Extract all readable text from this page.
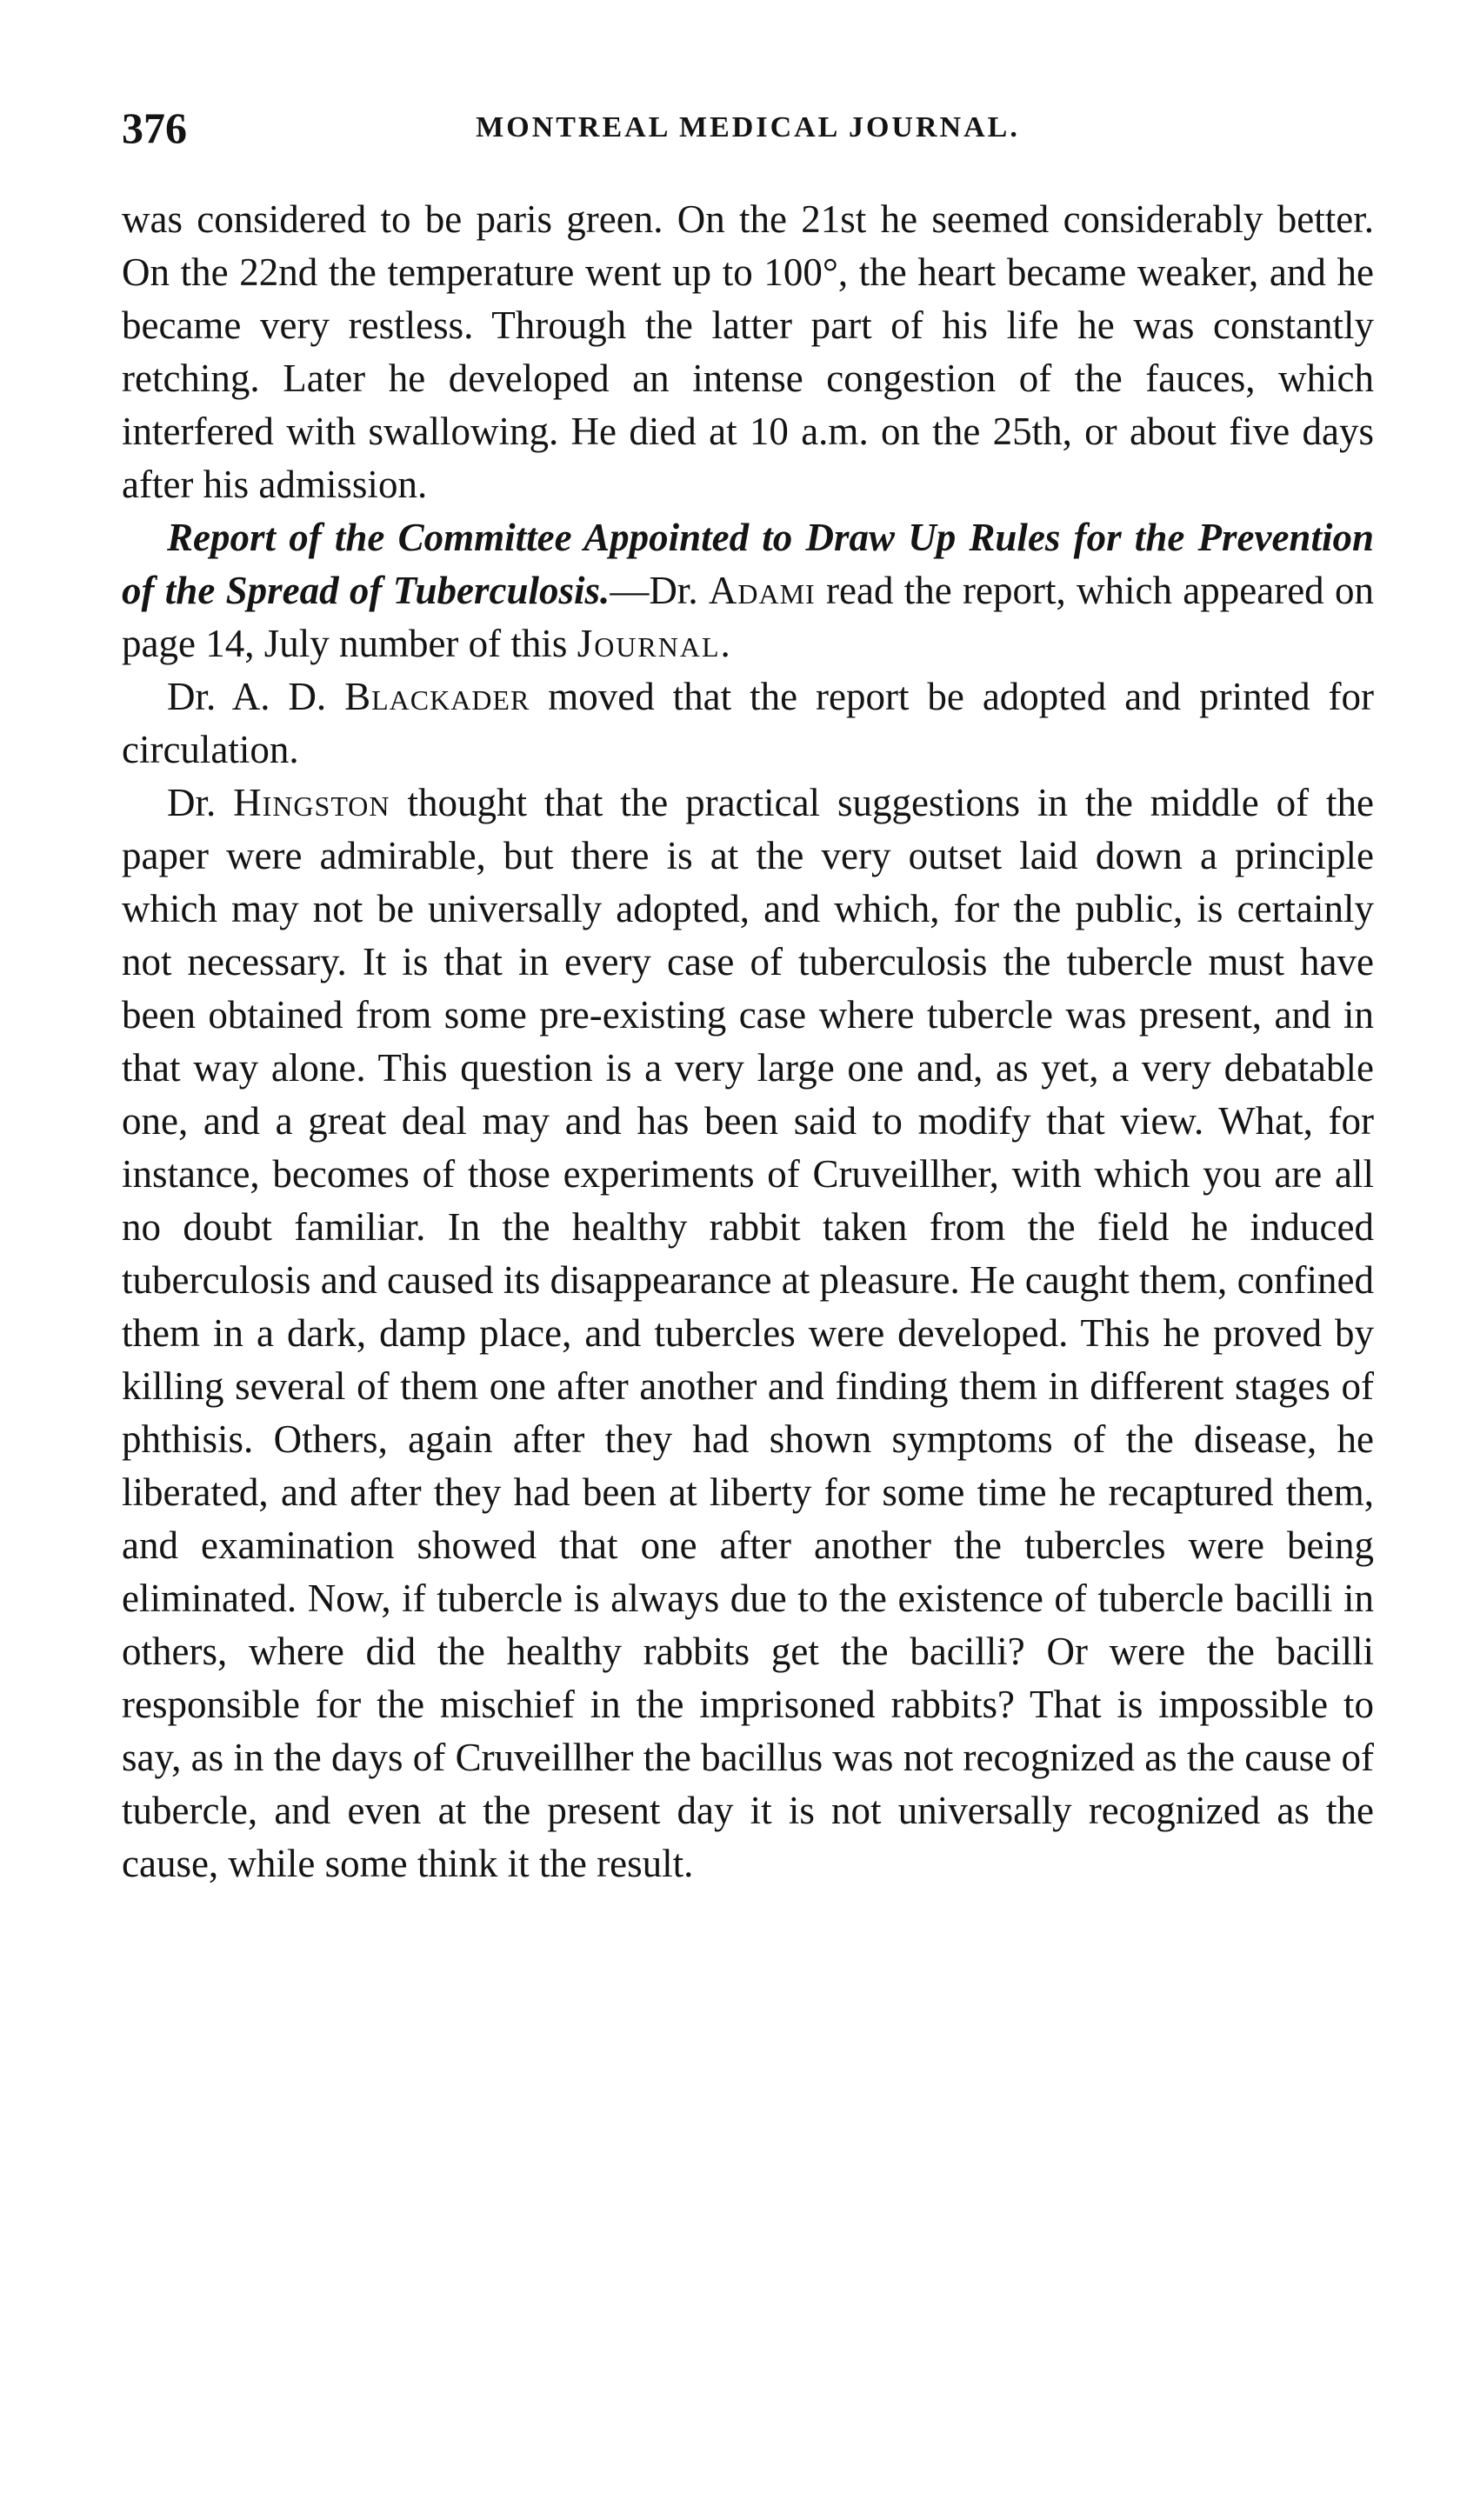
376	MONTREAL MEDICAL JOURNAL.

was considered to be paris green. On the 21st he seemed considerably better. On the 22nd the temperature went up to 100°, the heart became weaker, and he became very restless. Through the latter part of his life he was constantly retching. Later he developed an intense congestion of the fauces, which interfered with swallowing. He died at 10 a.m. on the 25th, or about five days after his admission.

Report of the Committee Appointed to Draw Up Rules for the Prevention of the Spread of Tuberculosis.—Dr. Adami read the report, which appeared on page 14, July number of this Journal.

Dr. A. D. Blackader moved that the report be adopted and printed for circulation.

Dr. Hingston thought that the practical suggestions in the middle of the paper were admirable, but there is at the very outset laid down a principle which may not be universally adopted, and which, for the public, is certainly not necessary. It is that in every case of tuberculosis the tubercle must have been obtained from some pre-existing case where tubercle was present, and in that way alone. This question is a very large one and, as yet, a very debatable one, and a great deal may and has been said to modify that view. What, for instance, becomes of those experiments of Cruveillher, with which you are all no doubt familiar. In the healthy rabbit taken from the field he induced tuberculosis and caused its disappearance at pleasure. He caught them, confined them in a dark, damp place, and tubercles were developed. This he proved by killing several of them one after another and finding them in different stages of phthisis. Others, again after they had shown symptoms of the disease, he liberated, and after they had been at liberty for some time he recaptured them, and examination showed that one after another the tubercles were being eliminated. Now, if tubercle is always due to the existence of tubercle bacilli in others, where did the healthy rabbits get the bacilli? Or were the bacilli responsible for the mischief in the imprisoned rabbits? That is impossible to say, as in the days of Cruveillher the bacillus was not recognized as the cause of tubercle, and even at the present day it is not universally recognized as the cause, while some think it the result.
